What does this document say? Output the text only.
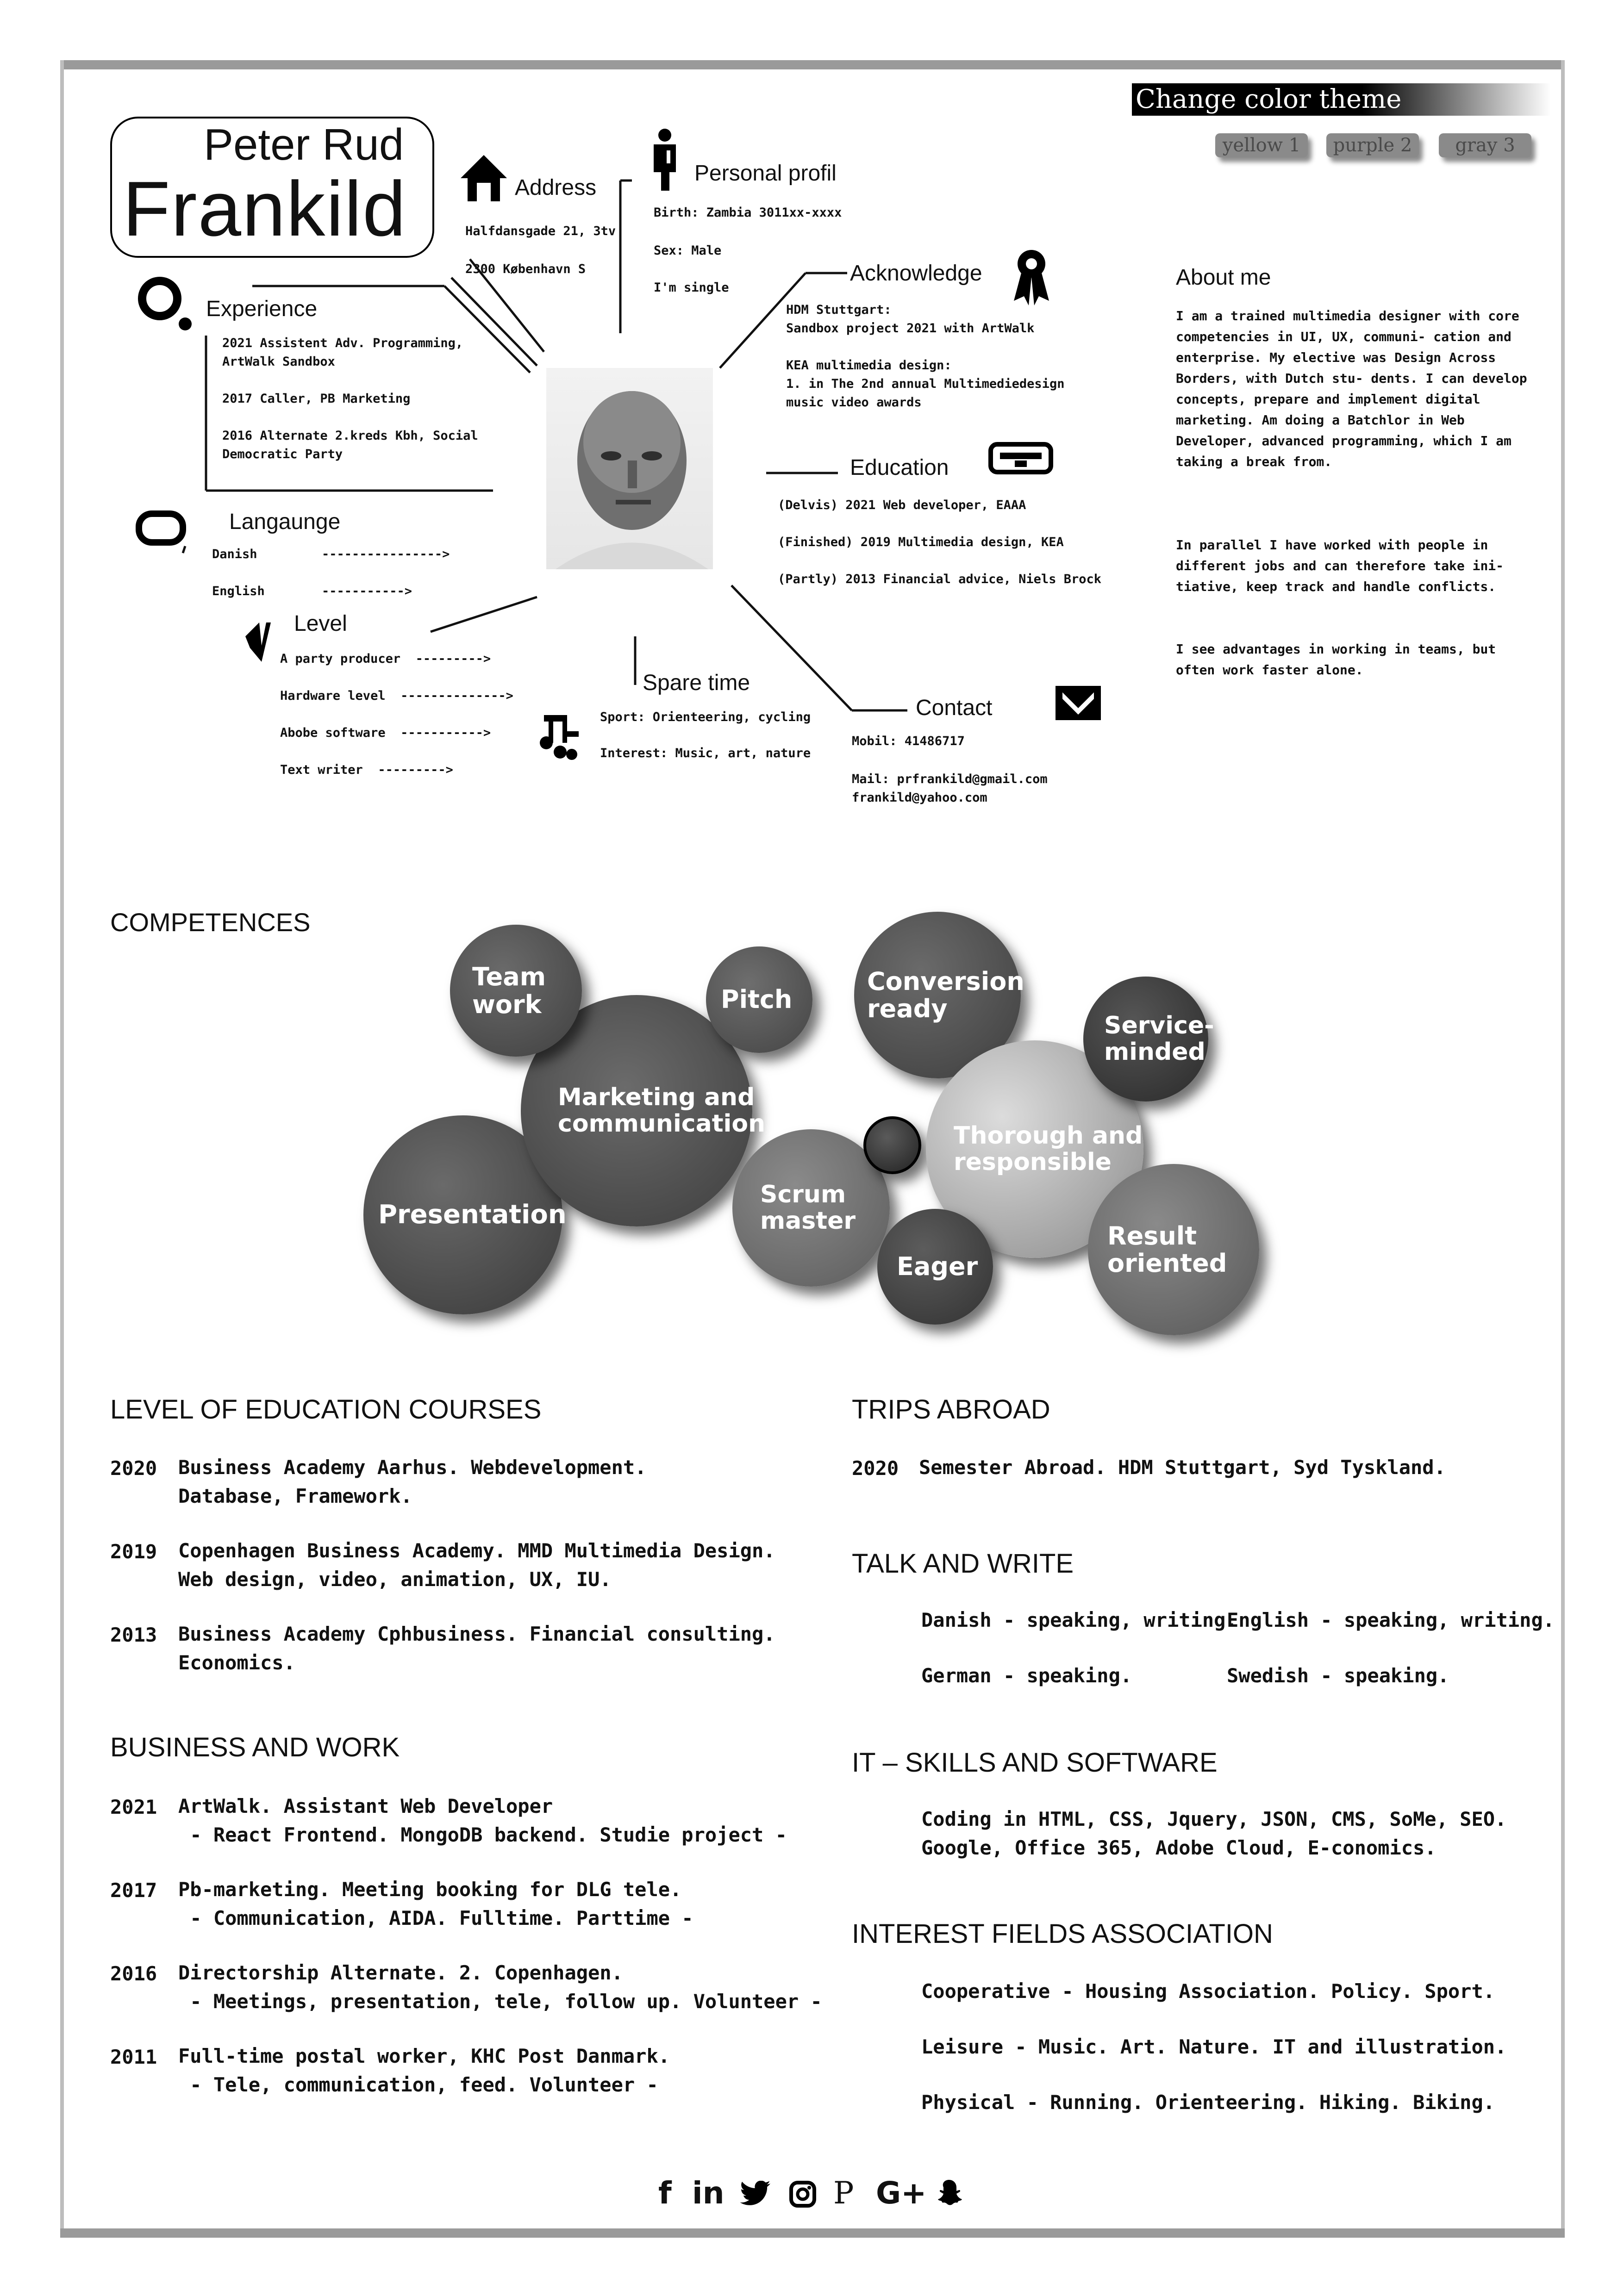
Change color theme
yellow 1	purple 2	gray 3
Peter Rud
Frankild	Address
Halfdansgade 21, 3tv
2300 København S
Personal profil
Birth: Zambia 3011xx-xxxx
Sex: Male
I'm single
Acknowledge
HDM Stuttgart:
Sandbox project 2021 with ArtWalk
KEA multimedia design:
1. in The 2nd annual Multimediedesign
music video awards
Experience
2021 Assistent Adv. Programming,
ArtWalk Sandbox
2017 Caller, PB Marketing
2016 Alternate 2.kreds Kbh, Social
Democratic Party
Langaunge
Danish	---------------->
English	----------->
Level
A party producer  --------->
Hardware level  -------------->
Abobe software  ----------->
Text writer  --------->
Education
(Delvis) 2021 Web developer, EAAA
(Finished) 2019 Multimedia design, KEA
(Partly) 2013 Financial advice, Niels Brock
Spare time
Sport: Orienteering, cycling
Interest: Music, art, nature
Contact
Mobil: 41486717
Mail: prfrankild@gmail.com
frankild@yahoo.com
About me
I am a trained multimedia designer with core competencies in UI, UX, communi- cation and enterprise. My elective was Design Across Borders, with Dutch stu- dents. I can develop concepts, prepare and implement digital marketing. Am doing a Batchlor in Web Developer, advanced programming, which I am taking a break from.
In parallel I have worked with people in different jobs and can therefore take ini- tiative, keep track and handle conflicts.
I see advantages in working in teams, but often work faster alone.
COMPETENCES
Presentation
Marketing and
communication
Team
work	Pitch
Scrum
master
Conversion
ready
Thorough and
responsible
Service-
minded
Result
oriented
Eager
LEVEL OF EDUCATION COURSES
2020 Business Academy Aarhus. Webdevelopment.
Database, Framework.
2019 Copenhagen Business Academy. MMD Multimedia Design.
Web design, video, animation, UX, IU.
2013 Business Academy Cphbusiness. Financial consulting.
Economics.
BUSINESS AND WORK
2021 ArtWalk. Assistant Web Developer
- React Frontend. MongoDB backend. Studie project -
2017 Pb-marketing. Meeting booking for DLG tele.
- Communication, AIDA. Fulltime. Parttime -
2016 Directorship Alternate. 2. Copenhagen.
- Meetings, presentation, tele, follow up. Volunteer -
2011 Full-time postal worker, KHC Post Danmark.
- Tele, communication, feed. Volunteer -
TRIPS ABROAD
2020 Semester Abroad. HDM Stuttgart, Syd Tyskland.
TALK AND WRITE
Danish - speaking, writing.
English - speaking, writing.
German - speaking.	Swedish - speaking.
IT – SKILLS AND SOFTWARE
Coding in HTML, CSS, Jquery, JSON, CMS, SoMe, SEO.
Google, Office 365, Adobe Cloud, E-conomics.
INTEREST FIELDS ASSOCIATION
Cooperative - Housing Association. Policy. Sport.
Leisure - Music. Art. Nature. IT and illustration.
Physical - Running. Orienteering. Hiking. Biking.
f in	P G+
